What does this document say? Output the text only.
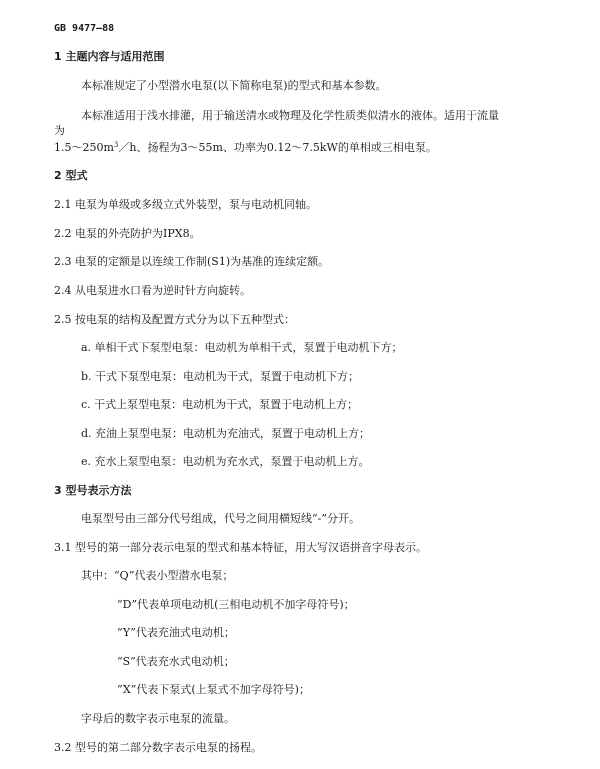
GB 9477—88
1 主题内容与适用范围
本标准规定了小型潜水电泵(以下简称电泵)的型式和基本参数。
本标准适用于浅水排灌，用于输送清水或物理及化学性质类似清水的液体。适用于流量
为
$1.5\sim 250m^3/h$、扬程为3～55m、功率为0.12～7.5kW的单相或三相电泵。
2 型式
2.1 电泵为单级或多级立式外装型，泵与电动机同轴。
2.2 电泵的外壳防护为IPX8。
2.3 电泵的定额是以连续工作制(S1)为基准的连续定额。
2.4 从电泵进水口看为逆时针方向旋转。
2.5 按电泵的结构及配置方式分为以下五种型式：
a. 单相干式下泵型电泵：电动机为单相干式，泵置于电动机下方；
b. 干式下泵型电泵：电动机为干式，泵置于电动机下方；
c. 干式上泵型电泵：电动机为干式，泵置于电动机上方；
d. 充油上泵型电泵：电动机为充油式，泵置于电动机上方；
e. 充水上泵型电泵：电动机为充水式，泵置于电动机上方。
3 型号表示方法
电泵型号由三部分代号组成，代号之间用横短线“-”分开。
3.1 型号的第一部分表示电泵的型式和基本特征，用大写汉语拼音字母表示。
其中：“Q”代表小型潜水电泵；
“D”代表单项电动机(三相电动机不加字母符号)；
“Y”代表充油式电动机；
“S”代表充水式电动机；
“X”代表下泵式(上泵式不加字母符号)；
字母后的数字表示电泵的流量。
3.2 型号的第二部分数字表示电泵的扬程。
